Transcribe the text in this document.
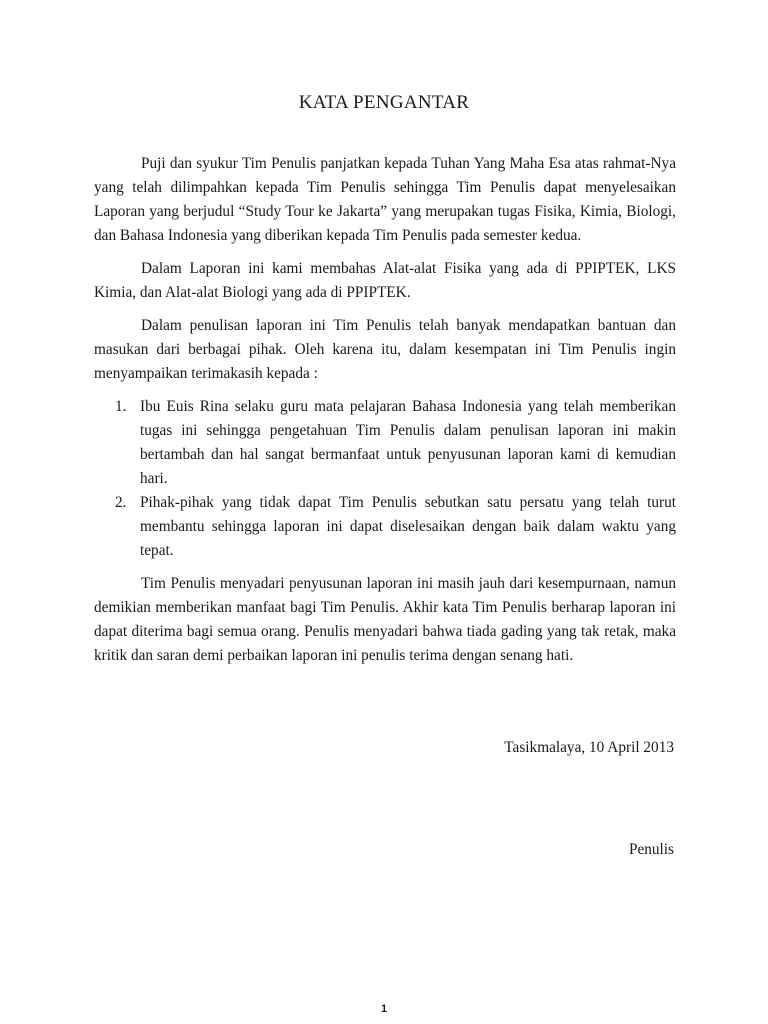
KATA PENGANTAR

Puji dan syukur Tim Penulis panjatkan kepada Tuhan Yang Maha Esa atas rahmat-Nya yang telah dilimpahkan kepada Tim Penulis sehingga Tim Penulis dapat menyelesaikan Laporan yang berjudul “Study Tour ke Jakarta” yang merupakan tugas Fisika, Kimia, Biologi, dan Bahasa Indonesia yang diberikan kepada Tim Penulis pada semester kedua.

Dalam Laporan ini kami membahas Alat-alat Fisika yang ada di PPIPTEK, LKS Kimia, dan Alat-alat Biologi yang ada di PPIPTEK.

Dalam penulisan laporan ini Tim Penulis telah banyak mendapatkan bantuan dan masukan dari berbagai pihak. Oleh karena itu, dalam kesempatan ini Tim Penulis ingin menyampaikan terimakasih kepada :

1. Ibu Euis Rina selaku guru mata pelajaran Bahasa Indonesia yang telah memberikan tugas ini sehingga pengetahuan Tim Penulis dalam penulisan laporan ini makin bertambah dan hal sangat bermanfaat untuk penyusunan laporan kami di kemudian hari.
2. Pihak-pihak yang tidak dapat Tim Penulis sebutkan satu persatu yang telah turut membantu sehingga laporan ini dapat diselesaikan dengan baik dalam waktu yang tepat.

Tim Penulis menyadari penyusunan laporan ini masih jauh dari kesempurnaan, namun demikian memberikan manfaat bagi Tim Penulis. Akhir kata Tim Penulis berharap laporan ini dapat diterima bagi semua orang. Penulis menyadari bahwa tiada gading yang tak retak, maka kritik dan saran demi perbaikan laporan ini penulis terima dengan senang hati.

Tasikmalaya, 10 April 2013
Penulis
1
